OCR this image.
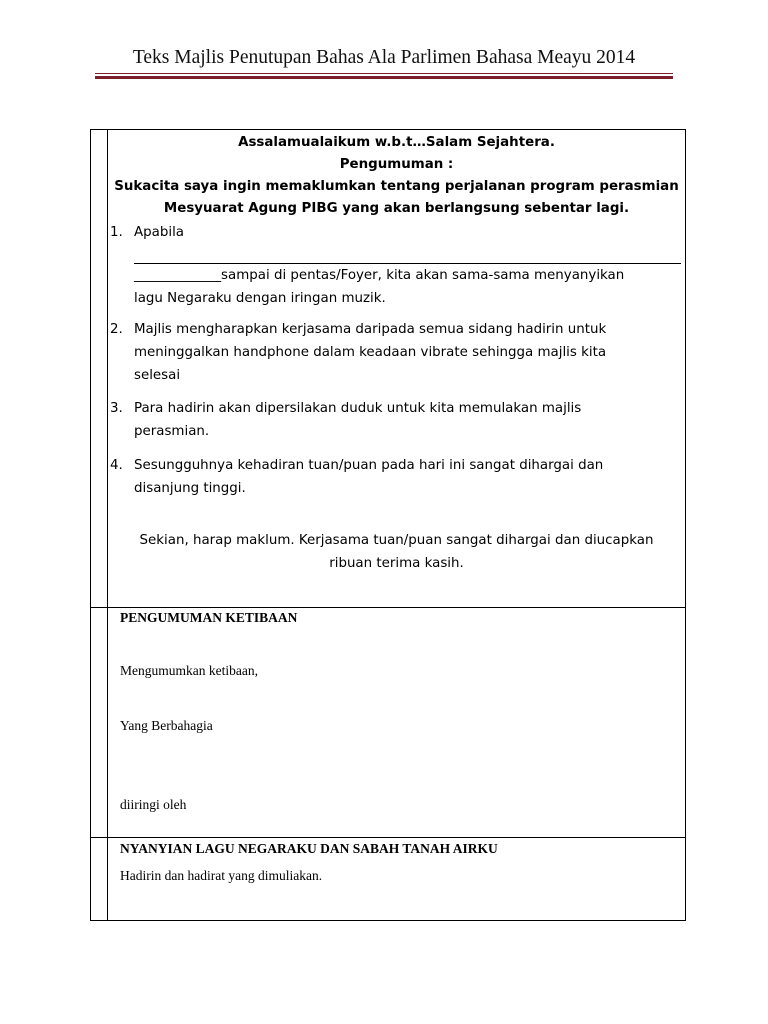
Teks Majlis Penutupan Bahas Ala Parlimen Bahasa Meayu 2014
Assalamualaikum w.b.t…Salam Sejahtera.
Pengumuman :
Sukacita saya ingin memaklumkan tentang perjalanan program perasmian
Mesyuarat Agung PIBG yang akan berlangsung sebentar lagi.
1. Apabila
_____________sampai di pentas/Foyer, kita akan sama-sama menyanyikan
lagu Negaraku dengan iringan muzik.
2. Majlis mengharapkan kerjasama daripada semua sidang hadirin untuk
meninggalkan handphone dalam keadaan vibrate sehingga majlis kita
selesai
3. Para hadirin akan dipersilakan duduk untuk kita memulakan majlis
perasmian.
4. Sesungguhnya kehadiran tuan/puan pada hari ini sangat dihargai dan
disanjung tinggi.
Sekian, harap maklum. Kerjasama tuan/puan sangat dihargai dan diucapkan
ribuan terima kasih.
PENGUMUMAN KETIBAAN
Mengumumkan ketibaan,
Yang Berbahagia
diiringi oleh
NYANYIAN LAGU NEGARAKU DAN SABAH TANAH AIRKU
Hadirin dan hadirat yang dimuliakan.
